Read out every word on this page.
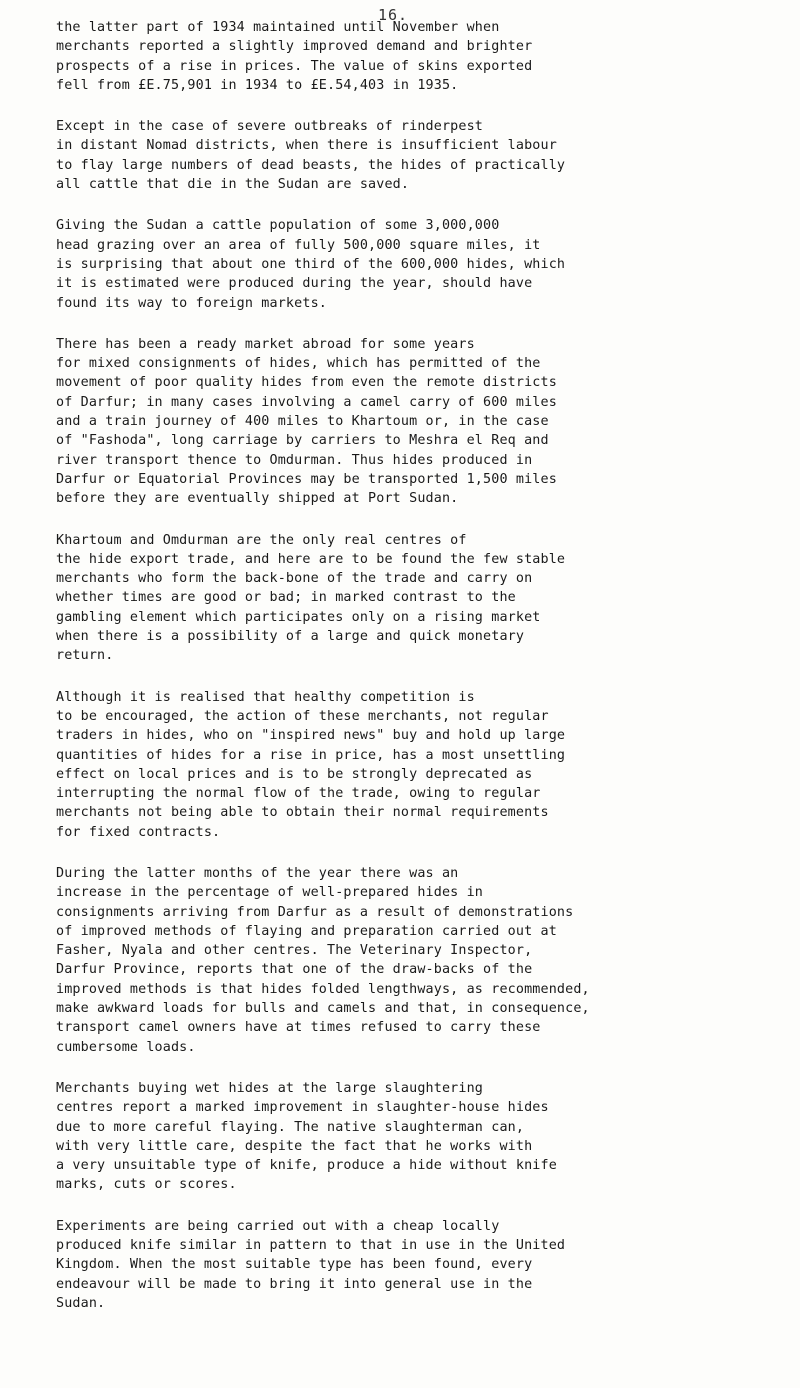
16.

the latter part of 1934 maintained until November when
merchants reported a slightly improved demand and brighter
prospects of a rise in prices. The value of skins exported
fell from £E.75,901 in 1934 to £E.54,403 in 1935.

Except in the case of severe outbreaks of rinderpest
in distant Nomad districts, when there is insufficient labour
to flay large numbers of dead beasts, the hides of practically
all cattle that die in the Sudan are saved.

Giving the Sudan a cattle population of some 3,000,000
head grazing over an area of fully 500,000 square miles, it
is surprising that about one third of the 600,000 hides, which
it is estimated were produced during the year, should have
found its way to foreign markets.

There has been a ready market abroad for some years
for mixed consignments of hides, which has permitted of the
movement of poor quality hides from even the remote districts
of Darfur; in many cases involving a camel carry of 600 miles
and a train journey of 400 miles to Khartoum or, in the case
of "Fashoda", long carriage by carriers to Meshra el Req and
river transport thence to Omdurman. Thus hides produced in
Darfur or Equatorial Provinces may be transported 1,500 miles
before they are eventually shipped at Port Sudan.

Khartoum and Omdurman are the only real centres of
the hide export trade, and here are to be found the few stable
merchants who form the back-bone of the trade and carry on
whether times are good or bad; in marked contrast to the
gambling element which participates only on a rising market
when there is a possibility of a large and quick monetary
return.

Although it is realised that healthy competition is
to be encouraged, the action of these merchants, not regular
traders in hides, who on "inspired news" buy and hold up large
quantities of hides for a rise in price, has a most unsettling
effect on local prices and is to be strongly deprecated as
interrupting the normal flow of the trade, owing to regular
merchants not being able to obtain their normal requirements
for fixed contracts.

During the latter months of the year there was an
increase in the percentage of well-prepared hides in
consignments arriving from Darfur as a result of demonstrations
of improved methods of flaying and preparation carried out at
Fasher, Nyala and other centres. The Veterinary Inspector,
Darfur Province, reports that one of the draw-backs of the
improved methods is that hides folded lengthways, as recommended,
make awkward loads for bulls and camels and that, in consequence,
transport camel owners have at times refused to carry these
cumbersome loads.

Merchants buying wet hides at the large slaughtering
centres report a marked improvement in slaughter-house hides
due to more careful flaying. The native slaughterman can,
with very little care, despite the fact that he works with
a very unsuitable type of knife, produce a hide without knife
marks, cuts or scores.

Experiments are being carried out with a cheap locally
produced knife similar in pattern to that in use in the United
Kingdom. When the most suitable type has been found, every
endeavour will be made to bring it into general use in the
Sudan.
